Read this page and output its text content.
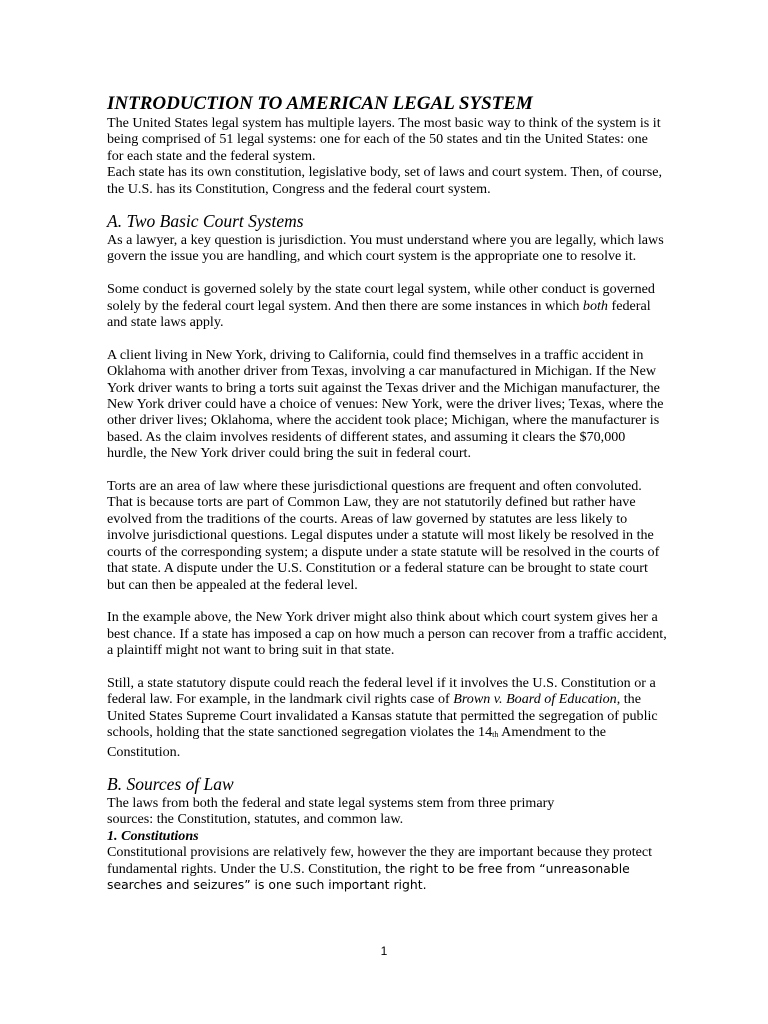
INTRODUCTION TO AMERICAN LEGAL SYSTEM

The United States legal system has multiple layers. The most basic way to think of the system is it being comprised of 51 legal systems: one for each of the 50 states and tin the United States: one for each state and the federal system.

Each state has its own constitution, legislative body, set of laws and court system. Then, of course, the U.S. has its Constitution, Congress and the federal court system.

A. Two Basic Court Systems

As a lawyer, a key question is jurisdiction. You must understand where you are legally, which laws govern the issue you are handling, and which court system is the appropriate one to resolve it.

Some conduct is governed solely by the state court legal system, while other conduct is governed solely by the federal court legal system. And then there are some instances in which both federal and state laws apply.

A client living in New York, driving to California, could find themselves in a traffic accident in Oklahoma with another driver from Texas, involving a car manufactured in Michigan. If the New York driver wants to bring a torts suit against the Texas driver and the Michigan manufacturer, the New York driver could have a choice of venues: New York, were the driver lives; Texas, where the other driver lives; Oklahoma, where the accident took place; Michigan, where the manufacturer is based. As the claim involves residents of different states, and assuming it clears the $70,000 hurdle, the New York driver could bring the suit in federal court.

Torts are an area of law where these jurisdictional questions are frequent and often convoluted. That is because torts are part of Common Law, they are not statutorily defined but rather have evolved from the traditions of the courts. Areas of law governed by statutes are less likely to involve jurisdictional questions. Legal disputes under a statute will most likely be resolved in the courts of the corresponding system; a dispute under a state statute will be resolved in the courts of that state. A dispute under the U.S. Constitution or a federal stature can be brought to state court but can then be appealed at the federal level.

In the example above, the New York driver might also think about which court system gives her a best chance. If a state has imposed a cap on how much a person can recover from a traffic accident, a plaintiff might not want to bring suit in that state.

Still, a state statutory dispute could reach the federal level if it involves the U.S. Constitution or a federal law. For example, in the landmark civil rights case of Brown v. Board of Education, the United States Supreme Court invalidated a Kansas statute that permitted the segregation of public schools, holding that the state sanctioned segregation violates the 14th Amendment to the Constitution.

B. Sources of Law

The laws from both the federal and state legal systems stem from three primary

sources: the Constitution, statutes, and common law.

1. Constitutions

Constitutional provisions are relatively few, however the they are important because they protect fundamental rights. Under the U.S. Constitution, the right to be free from “unreasonable searches and seizures” is one such important right.

1
